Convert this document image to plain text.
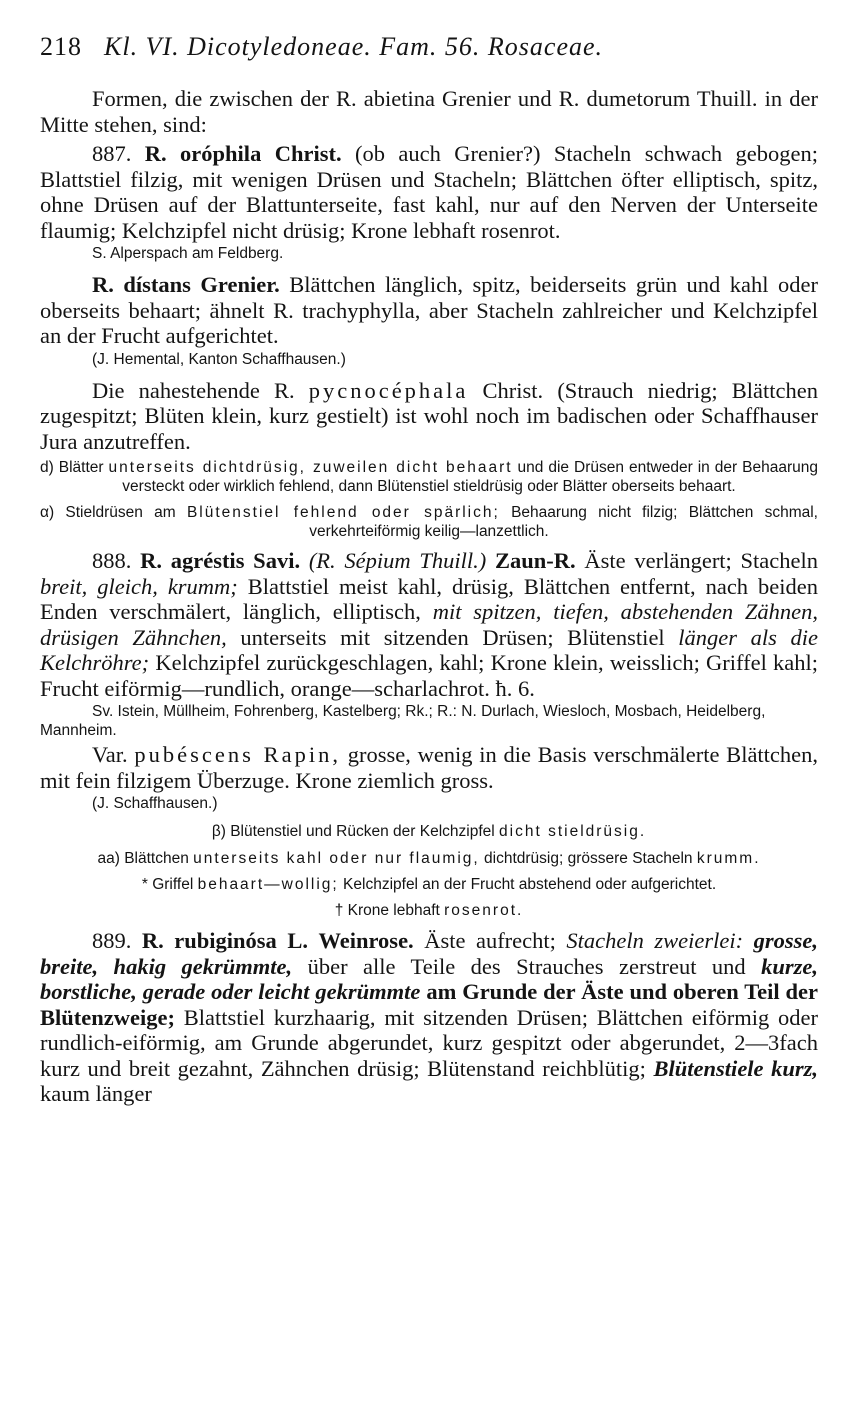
218 Kl. VI. Dicotyledoneae. Fam. 56. Rosaceae.

Formen, die zwischen der R. abietina Grenier und R. dumetorum Thuill. in der Mitte stehen, sind:

887. R. oróphila Christ. (ob auch Grenier?) Stacheln schwach gebogen; Blattstiel filzig, mit wenigen Drüsen und Stacheln; Blättchen öfter elliptisch, spitz, ohne Drüsen auf der Blattunterseite, fast kahl, nur auf den Nerven der Unterseite flaumig; Kelchzipfel nicht drüsig; Krone lebhaft rosenrot.

S. Alperspach am Feldberg.

R. dístans Grenier. Blättchen länglich, spitz, beiderseits grün und kahl oder oberseits behaart; ähnelt R. trachyphylla, aber Stacheln zahlreicher und Kelchzipfel an der Frucht aufgerichtet.

(J. Hemental, Kanton Schaffhausen.)

Die nahestehende R. pycnocéphala Christ. (Strauch niedrig; Blättchen zugespitzt; Blüten klein, kurz gestielt) ist wohl noch im badischen oder Schaffhauser Jura anzutreffen.

d) Blätter unterseits dichtdrüsig, zuweilen dicht behaart und die Drüsen entweder in der Behaarung versteckt oder wirklich fehlend, dann Blütenstiel stieldrüsig oder Blätter oberseits behaart.

α) Stieldrüsen am Blütenstiel fehlend oder spärlich; Behaarung nicht filzig; Blättchen schmal, verkehrteiförmig keilig—lanzettlich.

888. R. agréstis Savi. (R. Sépium Thuill.) Zaun-R. Äste verlängert; Stacheln breit, gleich, krumm; Blattstiel meist kahl, drüsig, Blättchen entfernt, nach beiden Enden verschmälert, länglich, elliptisch, mit spitzen, tiefen, abstehenden Zähnen, drüsigen Zähnchen, unterseits mit sitzenden Drüsen; Blütenstiel länger als die Kelchröhre; Kelchzipfel zurückgeschlagen, kahl; Krone klein, weisslich; Griffel kahl; Frucht eiförmig—rundlich, orange—scharlachrot. ħ. 6.

Sv. Istein, Müllheim, Fohrenberg, Kastelberg; Rk.; R.: N. Durlach, Wiesloch, Mosbach, Heidelberg, Mannheim.

Var. pubéscens Rapin, grosse, wenig in die Basis verschmälerte Blättchen, mit fein filzigem Überzuge. Krone ziemlich gross.

(J. Schaffhausen.)

β) Blütenstiel und Rücken der Kelchzipfel dicht stieldrüsig.

aa) Blättchen unterseits kahl oder nur flaumig, dichtdrüsig; grössere Stacheln krumm.

* Griffel behaart—wollig; Kelchzipfel an der Frucht abstehend oder aufgerichtet.

† Krone lebhaft rosenrot.

889. R. rubiginósa L. Weinrose. Äste aufrecht; Stacheln zweierlei: grosse, breite, hakig gekrümmte, über alle Teile des Strauches zerstreut und kurze, borstliche, gerade oder leicht gekrümmte am Grunde der Äste und oberen Teil der Blütenzweige; Blattstiel kurzhaarig, mit sitzenden Drüsen; Blättchen eiförmig oder rundlich-eiförmig, am Grunde abgerundet, kurz gespitzt oder abgerundet, 2—3fach kurz und breit gezahnt, Zähnchen drüsig; Blütenstand reichblütig; Blütenstiele kurz, kaum länger
